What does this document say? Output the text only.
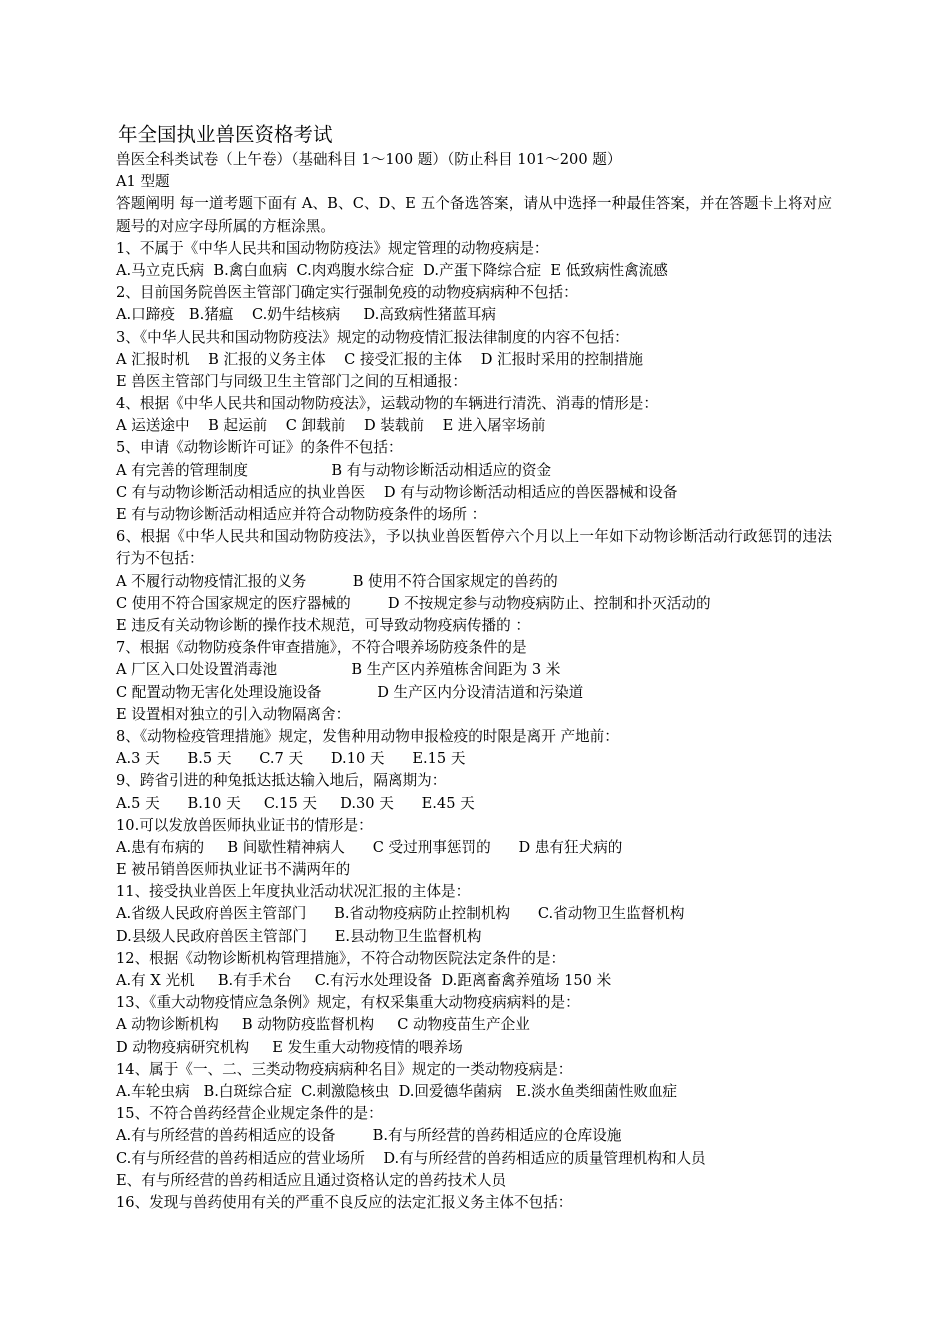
年全国执业兽医资格考试
兽医全科类试卷（上午卷）（基础科目 1～100 题）（防止科目 101～200 题）
A1 型题
答题阐明 每一道考题下面有 A、B、C、D、E 五个备选答案，请从中选择一种最佳答案，并在答题卡上将对应题号的对应字母所属的方框涂黑。
1、不属于《中华人民共和国动物防疫法》规定管理的动物疫病是：
A.马立克氏病  B.禽白血病  C.肉鸡腹水综合症  D.产蛋下降综合症  E 低致病性禽流感
2、目前国务院兽医主管部门确定实行强制免疫的动物疫病病种不包括：
A.口蹄疫   B.猪瘟    C.奶牛结核病     D.高致病性猪蓝耳病
3、《中华人民共和国动物防疫法》规定的动物疫情汇报法律制度的内容不包括：
A 汇报时机    B 汇报的义务主体    C 接受汇报的主体    D 汇报时采用的控制措施
E 兽医主管部门与同级卫生主管部门之间的互相通报：
4、根据《中华人民共和国动物防疫法》，运载动物的车辆进行清洗、消毒的情形是：
A 运送途中    B 起运前    C 卸载前    D 装载前    E 进入屠宰场前
5、申请《动物诊断许可证》的条件不包括：
A 有完善的管理制度                  B 有与动物诊断活动相适应的资金
C 有与动物诊断活动相适应的执业兽医    D 有与动物诊断活动相适应的兽医器械和设备
E 有与动物诊断活动相适应并符合动物防疫条件的场所 ：
6、根据《中华人民共和国动物防疫法》，予以执业兽医暂停六个月以上一年如下动物诊断活动行政惩罚的违法行为不包括：
A 不履行动物疫情汇报的义务          B 使用不符合国家规定的兽药的
C 使用不符合国家规定的医疗器械的        D 不按规定参与动物疫病防止、控制和扑灭活动的
E 违反有关动物诊断的操作技术规范，可导致动物疫病传播的 ：
7、根据《动物防疫条件审查措施》，不符合喂养场防疫条件的是
A 厂区入口处设置消毒池                B 生产区内养殖栋舍间距为 3 米
C 配置动物无害化处理设施设备            D 生产区内分设清洁道和污染道
E 设置相对独立的引入动物隔离舍：
8、《动物检疫管理措施》规定，发售种用动物申报检疫的时限是离开 产地前：
A.3 天      B.5 天      C.7 天      D.10 天      E.15 天
9、跨省引进的种兔抵达抵达输入地后，隔离期为：
A.5 天      B.10 天     C.15 天     D.30 天      E.45 天
10.可以发放兽医师执业证书的情形是：
A.患有布病的     B 间歇性精神病人      C 受过刑事惩罚的      D 患有狂犬病的
E 被吊销兽医师执业证书不满两年的
11、接受执业兽医上年度执业活动状况汇报的主体是：
A.省级人民政府兽医主管部门      B.省动物疫病防止控制机构      C.省动物卫生监督机构
D.县级人民政府兽医主管部门      E.县动物卫生监督机构
12、根据《动物诊断机构管理措施》，不符合动物医院法定条件的是：
A.有 X 光机     B.有手术台     C.有污水处理设备  D.距离畜禽养殖场 150 米
13、《重大动物疫情应急条例》规定，有权采集重大动物疫病病料的是：
A 动物诊断机构     B 动物防疫监督机构     C 动物疫苗生产企业
D 动物疫病研究机构     E 发生重大动物疫情的喂养场
14、属于《一、二、三类动物疫病病种名目》规定的一类动物疫病是：
A.车轮虫病   B.白斑综合症  C.刺激隐核虫  D.回爱德华菌病   E.淡水鱼类细菌性败血症
15、不符合兽药经营企业规定条件的是：
A.有与所经营的兽药相适应的设备        B.有与所经营的兽药相适应的仓库设施
C.有与所经营的兽药相适应的营业场所    D.有与所经营的兽药相适应的质量管理机构和人员
E、有与所经营的兽药相适应且通过资格认定的兽药技术人员
16、发现与兽药使用有关的严重不良反应的法定汇报义务主体不包括：
